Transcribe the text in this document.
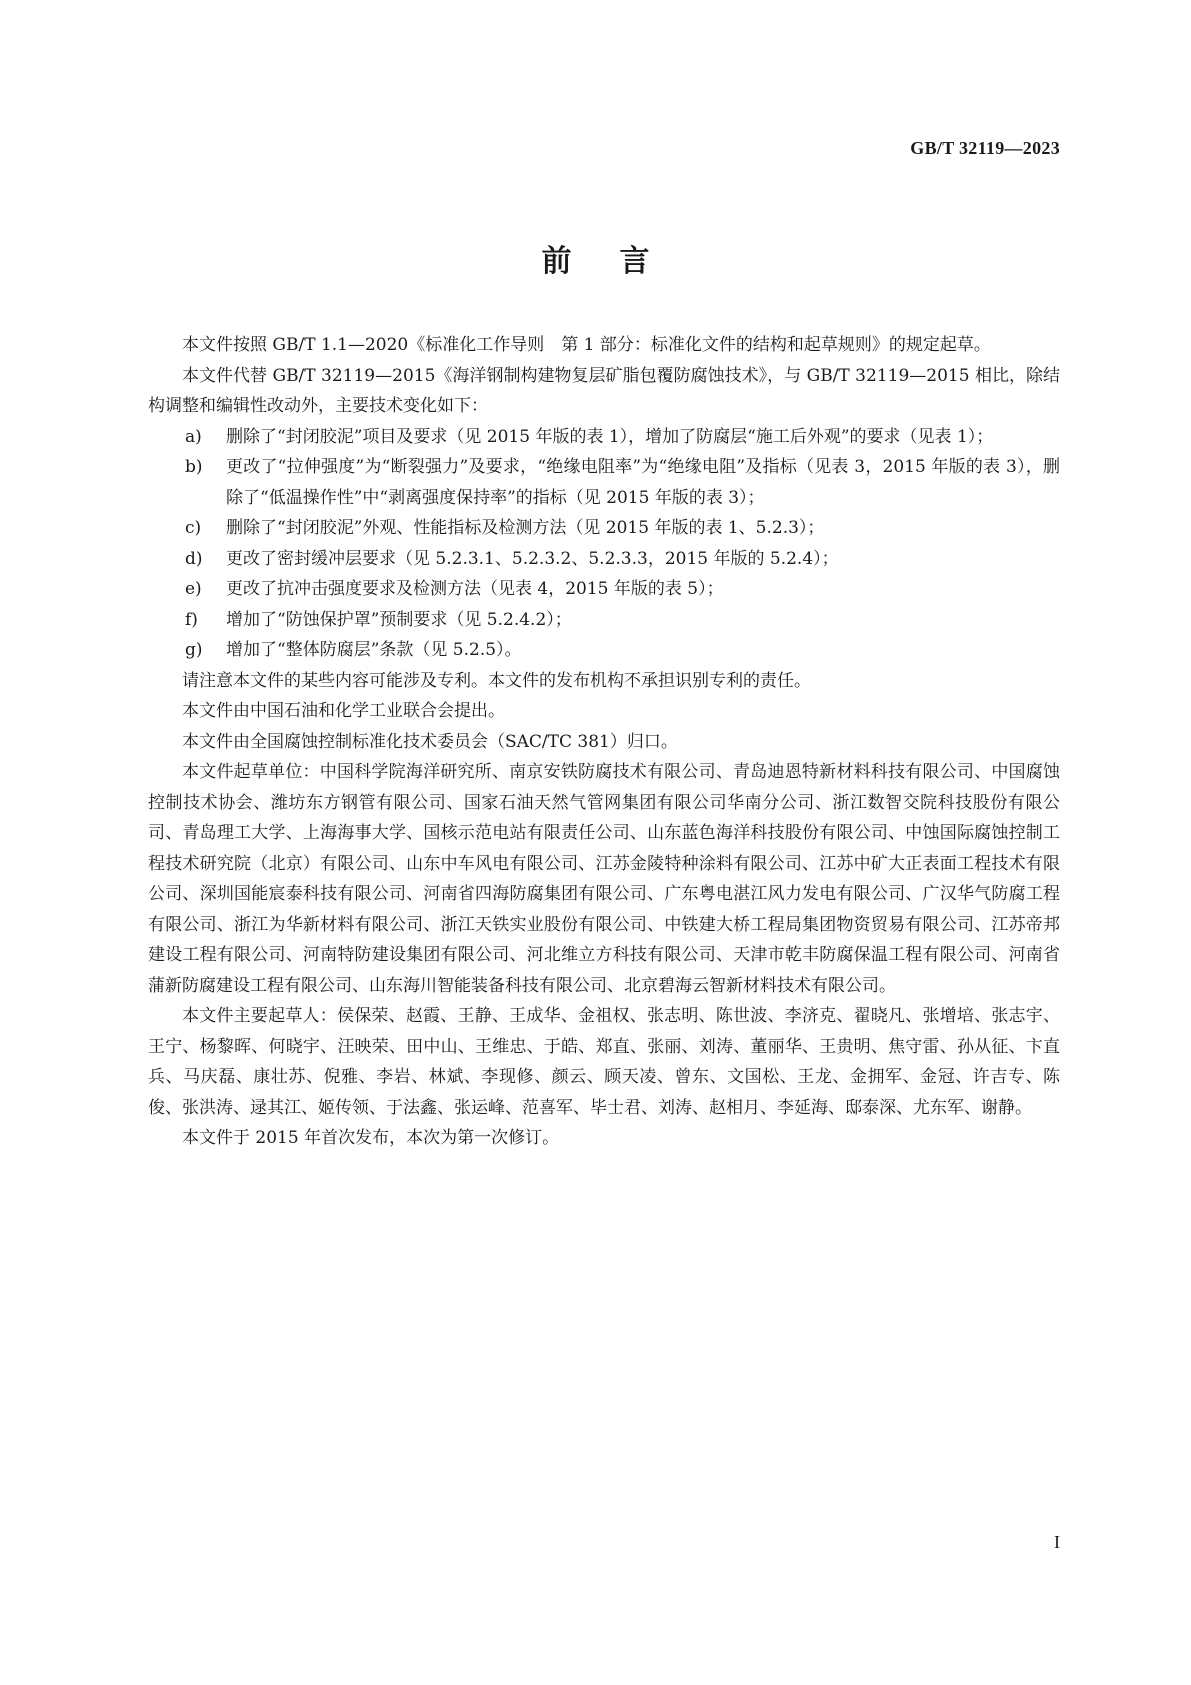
GB/T 32119—2023
前言

本文件按照 GB/T 1.1—2020《标准化工作导则　第 1 部分：标准化文件的结构和起草规则》的规定起草。

本文件代替 GB/T 32119—2015《海洋钢制构建物复层矿脂包覆防腐蚀技术》，与 GB/T 32119—2015 相比，除结构调整和编辑性改动外，主要技术变化如下：

a) 删除了“封闭胶泥”项目及要求（见 2015 年版的表 1），增加了防腐层“施工后外观”的要求（见表 1）；
b) 更改了“拉伸强度”为“断裂强力”及要求，“绝缘电阻率”为“绝缘电阻”及指标（见表 3，2015 年版的表 3），删除了“低温操作性”中“剥离强度保持率”的指标（见 2015 年版的表 3）；
c) 删除了“封闭胶泥”外观、性能指标及检测方法（见 2015 年版的表 1、5.2.3）；
d) 更改了密封缓冲层要求（见 5.2.3.1、5.2.3.2、5.2.3.3，2015 年版的 5.2.4）；
e) 更改了抗冲击强度要求及检测方法（见表 4，2015 年版的表 5）；
f) 增加了“防蚀保护罩”预制要求（见 5.2.4.2）；
g) 增加了“整体防腐层”条款（见 5.2.5）。

请注意本文件的某些内容可能涉及专利。本文件的发布机构不承担识别专利的责任。

本文件由中国石油和化学工业联合会提出。

本文件由全国腐蚀控制标准化技术委员会（SAC/TC 381）归口。

本文件起草单位：中国科学院海洋研究所、南京安铁防腐技术有限公司、青岛迪恩特新材料科技有限公司、中国腐蚀控制技术协会、潍坊东方钢管有限公司、国家石油天然气管网集团有限公司华南分公司、浙江数智交院科技股份有限公司、青岛理工大学、上海海事大学、国核示范电站有限责任公司、山东蓝色海洋科技股份有限公司、中蚀国际腐蚀控制工程技术研究院（北京）有限公司、山东中车风电有限公司、江苏金陵特种涂料有限公司、江苏中矿大正表面工程技术有限公司、深圳国能宸泰科技有限公司、河南省四海防腐集团有限公司、广东粤电湛江风力发电有限公司、广汉华气防腐工程有限公司、浙江为华新材料有限公司、浙江天铁实业股份有限公司、中铁建大桥工程局集团物资贸易有限公司、江苏帝邦建设工程有限公司、河南特防建设集团有限公司、河北维立方科技有限公司、天津市乾丰防腐保温工程有限公司、河南省蒲新防腐建设工程有限公司、山东海川智能装备科技有限公司、北京碧海云智新材料技术有限公司。

本文件主要起草人：侯保荣、赵霞、王静、王成华、金祖权、张志明、陈世波、李济克、翟晓凡、张增培、张志宇、王宁、杨黎晖、何晓宇、汪映荣、田中山、王维忠、于皓、郑直、张丽、刘涛、董丽华、王贵明、焦守雷、孙从征、卞直兵、马庆磊、康壮苏、倪雅、李岩、林斌、李现修、颜云、顾天凌、曾东、文国松、王龙、金拥军、金冠、许吉专、陈俊、张洪涛、逯其江、姬传领、于法鑫、张运峰、范喜军、毕士君、刘涛、赵相月、李延海、邸泰深、尤东军、谢静。

本文件于 2015 年首次发布，本次为第一次修订。

I
